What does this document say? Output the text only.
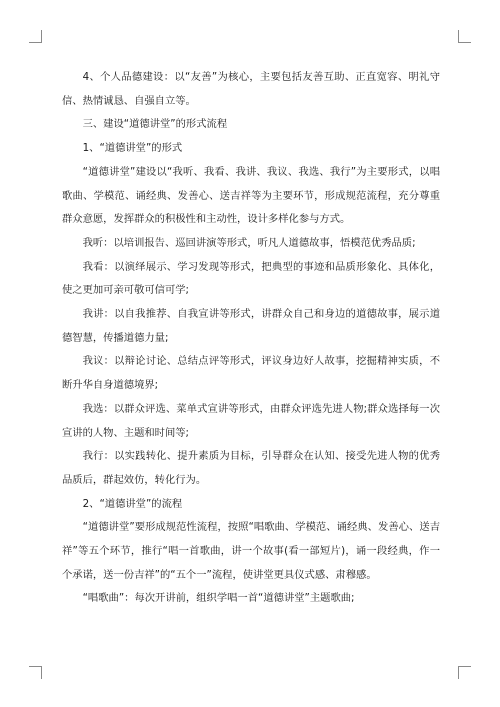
4、个人品德建设：以“友善”为核心，主要包括友善互助、正直宽容、明礼守信、热情诚恳、自强自立等。

三、建设“道德讲堂”的形式流程

1、“道德讲堂”的形式

“道德讲堂”建设以“我听、我看、我讲、我议、我选、我行”为主要形式，以唱歌曲、学模范、诵经典、发善心、送吉祥等为主要环节，形成规范流程，充分尊重群众意愿，发挥群众的积极性和主动性，设计多样化参与方式。

我听：以培训报告、巡回讲演等形式，听凡人道德故事，悟模范优秀品质;

我看：以演绎展示、学习发现等形式，把典型的事迹和品质形象化、具体化，使之更加可亲可敬可信可学;

我讲：以自我推荐、自我宣讲等形式，讲群众自己和身边的道德故事，展示道德智慧，传播道德力量;

我议：以辩论讨论、总结点评等形式，评议身边好人故事，挖掘精神实质，不断升华自身道德境界;

我选：以群众评选、菜单式宣讲等形式，由群众评选先进人物;群众选择每一次宣讲的人物、主题和时间等;

我行：以实践转化、提升素质为目标，引导群众在认知、接受先进人物的优秀品质后，群起效仿，转化行为。

2、“道德讲堂”的流程

“道德讲堂”要形成规范性流程，按照“唱歌曲、学模范、诵经典、发善心、送吉祥”等五个环节，推行“唱一首歌曲，讲一个故事(看一部短片)，诵一段经典，作一个承诺，送一份吉祥”的“五个一”流程，使讲堂更具仪式感、肃穆感。

“唱歌曲”：每次开讲前，组织学唱一首“道德讲堂”主题歌曲;
